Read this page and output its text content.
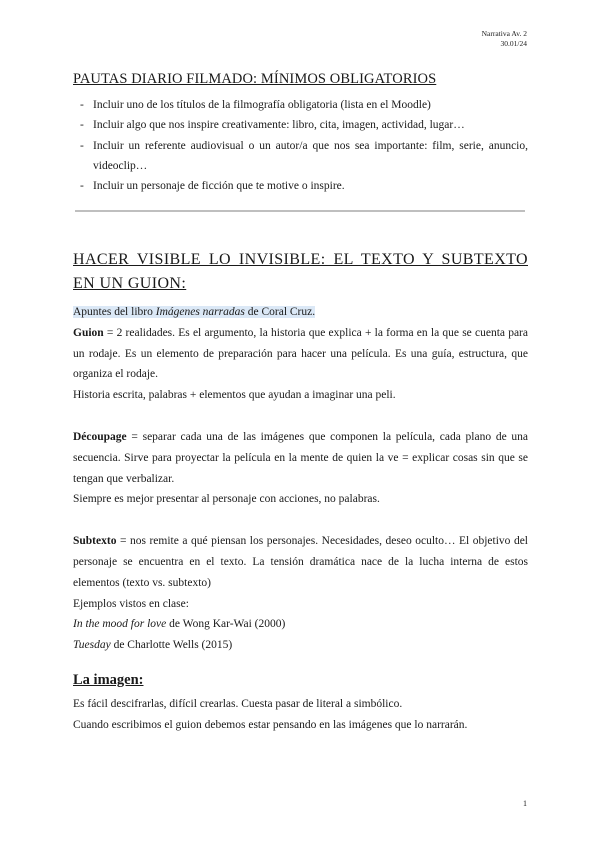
Narrativa Av. 2
30.01/24
PAUTAS DIARIO FILMADO: MÍNIMOS OBLIGATORIOS
- Incluir uno de los títulos de la filmografía obligatoria (lista en el Moodle)
- Incluir algo que nos inspire creativamente: libro, cita, imagen, actividad, lugar…
- Incluir un referente audiovisual o un autor/a que nos sea importante: film, serie, anuncio, videoclip…
- Incluir un personaje de ficción que te motive o inspire.
HACER VISIBLE LO INVISIBLE: EL TEXTO Y SUBTEXTO EN UN GUION:

Apuntes del libro Imágenes narradas de Coral Cruz.

Guion = 2 realidades. Es el argumento, la historia que explica + la forma en la que se cuenta para un rodaje. Es un elemento de preparación para hacer una película. Es una guía, estructura, que organiza el rodaje.

Historia escrita, palabras + elementos que ayudan a imaginar una peli.

Découpage = separar cada una de las imágenes que componen la película, cada plano de una secuencia. Sirve para proyectar la película en la mente de quien la ve = explicar cosas sin que se tengan que verbalizar.

Siempre es mejor presentar al personaje con acciones, no palabras.

Subtexto = nos remite a qué piensan los personajes. Necesidades, deseo oculto… El objetivo del personaje se encuentra en el texto. La tensión dramática nace de la lucha interna de estos elementos (texto vs. subtexto)

Ejemplos vistos en clase:

In the mood for love de Wong Kar-Wai (2000)

Tuesday de Charlotte Wells (2015)

La imagen:

Es fácil descifrarlas, difícil crearlas. Cuesta pasar de literal a simbólico.

Cuando escribimos el guion debemos estar pensando en las imágenes que lo narrarán.

1
